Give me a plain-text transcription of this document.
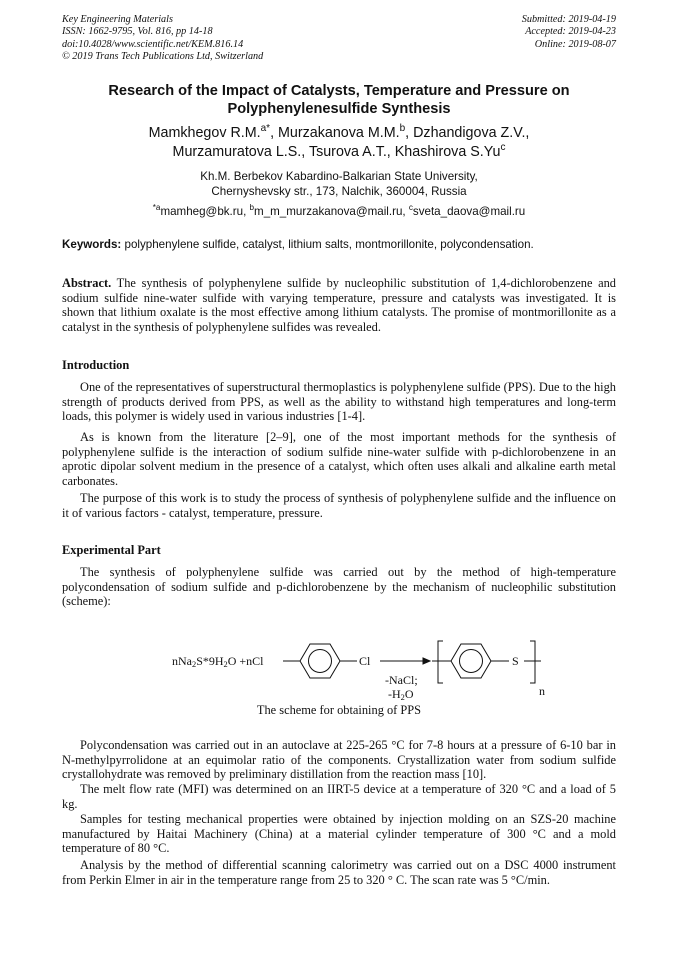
Key Engineering Materials
ISSN: 1662-9795, Vol. 816, pp 14-18
doi:10.4028/www.scientific.net/KEM.816.14
© 2019 Trans Tech Publications Ltd, Switzerland
Submitted: 2019-04-19
Accepted: 2019-04-23
Online: 2019-08-07
Research of the Impact of Catalysts, Temperature and Pressure on Polyphenylenesulfide Synthesis
Mamkhegov R.M.$^{a*}$, Murzakanova M.M.$^b$, Dzhandigova Z.V.,
Murzamuratova L.S., Tsurova A.T., Khashirova S.Yu$^c$
Kh.M. Berbekov Kabardino-Balkarian State University,
Chernyshevsky str., 173, Nalchik, 360004, Russia
$^{*a}$mamheg@bk.ru, $^b$m_m_murzakanova@mail.ru, $^c$sveta_daova@mail.ru
Keywords: polyphenylene sulfide, catalyst, lithium salts, montmorillonite, polycondensation.
Abstract. The synthesis of polyphenylene sulfide by nucleophilic substitution of 1,4-dichlorobenzene and sodium sulfide nine-water sulfide with varying temperature, pressure and catalysts was investigated. It is shown that lithium oxalate is the most effective among lithium catalysts. The promise of montmorillonite as a catalyst in the synthesis of polyphenylene sulfides was revealed.
Introduction
One of the representatives of superstructural thermoplastics is polyphenylene sulfide (PPS). Due to the high strength of products derived from PPS, as well as the ability to withstand high temperatures and long-term loads, this polymer is widely used in various industries [1-4].
As is known from the literature [2–9], one of the most important methods for the synthesis of polyphenylene sulfide is the interaction of sodium sulfide nine-water sulfide with p-dichlorobenzene in an aprotic dipolar solvent medium in the presence of a catalyst, which often uses alkali and alkaline earth metal carbonates.
The purpose of this work is to study the process of synthesis of polyphenylene sulfide and the influence on it of various factors - catalyst, temperature, pressure.
Experimental Part
The synthesis of polyphenylene sulfide was carried out by the method of high-temperature polycondensation of sodium sulfide and p-dichlorobenzene by the mechanism of nucleophilic substitution (scheme):
$nNa_2S*9H_2O +nCl$	Cl
-NaCl;
$-H_2O$
S
n
The scheme for obtaining of PPS
Polycondensation was carried out in an autoclave at 225-265 °C for 7-8 hours at a pressure of 6-10 bar in N-methylpyrrolidone at an equimolar ratio of the components. Crystallization water from sodium sulfide crystallohydrate was removed by preliminary distillation from the reaction mass [10].
The melt flow rate (MFI) was determined on an IIRT-5 device at a temperature of 320 °C and a load of 5 kg.
Samples for testing mechanical properties were obtained by injection molding on an SZS-20 machine manufactured by Haitai Machinery (China) at a material cylinder temperature of 300 °C and a mold temperature of 80 °C.
Analysis by the method of differential scanning calorimetry was carried out on a DSC 4000 instrument from Perkin Elmer in air in the temperature range from 25 to 320 ° C. The scan rate was 5 °C/min.
